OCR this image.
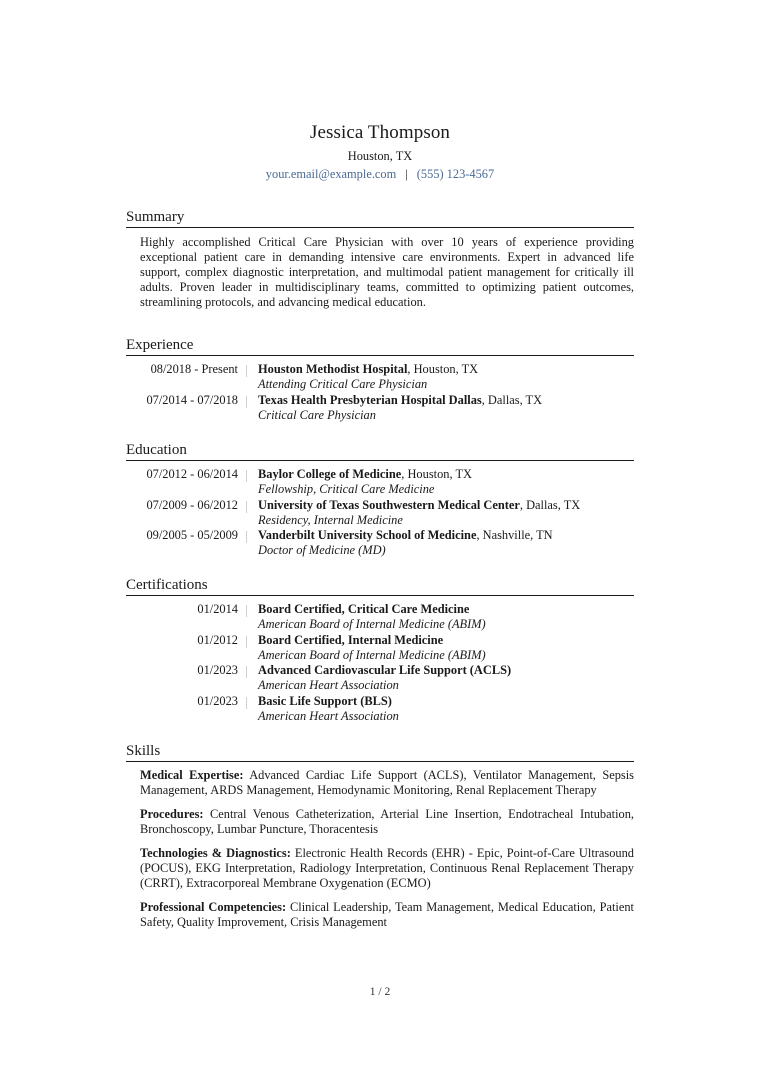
Jessica Thompson
Houston, TX
your.email@example.com | (555) 123-4567
Summary
Highly accomplished Critical Care Physician with over 10 years of experience providing exceptional patient care in demanding intensive care environments. Expert in advanced life support, complex diagnostic interpretation, and multimodal patient management for critically ill adults. Proven leader in multidisciplinary teams, committed to optimizing patient outcomes, streamlining protocols, and advancing medical education.
Experience
08/2018 - Present	Houston Methodist Hospital, Houston, TX
Attending Critical Care Physician
07/2014 - 07/2018	Texas Health Presbyterian Hospital Dallas, Dallas, TX
Critical Care Physician
Education
07/2012 - 06/2014	Baylor College of Medicine, Houston, TX
Fellowship, Critical Care Medicine
07/2009 - 06/2012	University of Texas Southwestern Medical Center, Dallas, TX
Residency, Internal Medicine
09/2005 - 05/2009	Vanderbilt University School of Medicine, Nashville, TN
Doctor of Medicine (MD)
Certifications
01/2014	Board Certified, Critical Care Medicine
American Board of Internal Medicine (ABIM)
01/2012	Board Certified, Internal Medicine
American Board of Internal Medicine (ABIM)
01/2023	Advanced Cardiovascular Life Support (ACLS)
American Heart Association
01/2023	Basic Life Support (BLS)
American Heart Association
Skills
Medical Expertise: Advanced Cardiac Life Support (ACLS), Ventilator Management, Sepsis Management, ARDS Management, Hemodynamic Monitoring, Renal Replacement Therapy
Procedures: Central Venous Catheterization, Arterial Line Insertion, Endotracheal Intubation, Bronchoscopy, Lumbar Puncture, Thoracentesis
Technologies & Diagnostics: Electronic Health Records (EHR) - Epic, Point-of-Care Ultrasound (POCUS), EKG Interpretation, Radiology Interpretation, Continuous Renal Replacement Therapy (CRRT), Extracorporeal Membrane Oxygenation (ECMO)
Professional Competencies: Clinical Leadership, Team Management, Medical Education, Patient Safety, Quality Improvement, Crisis Management
1 / 2
